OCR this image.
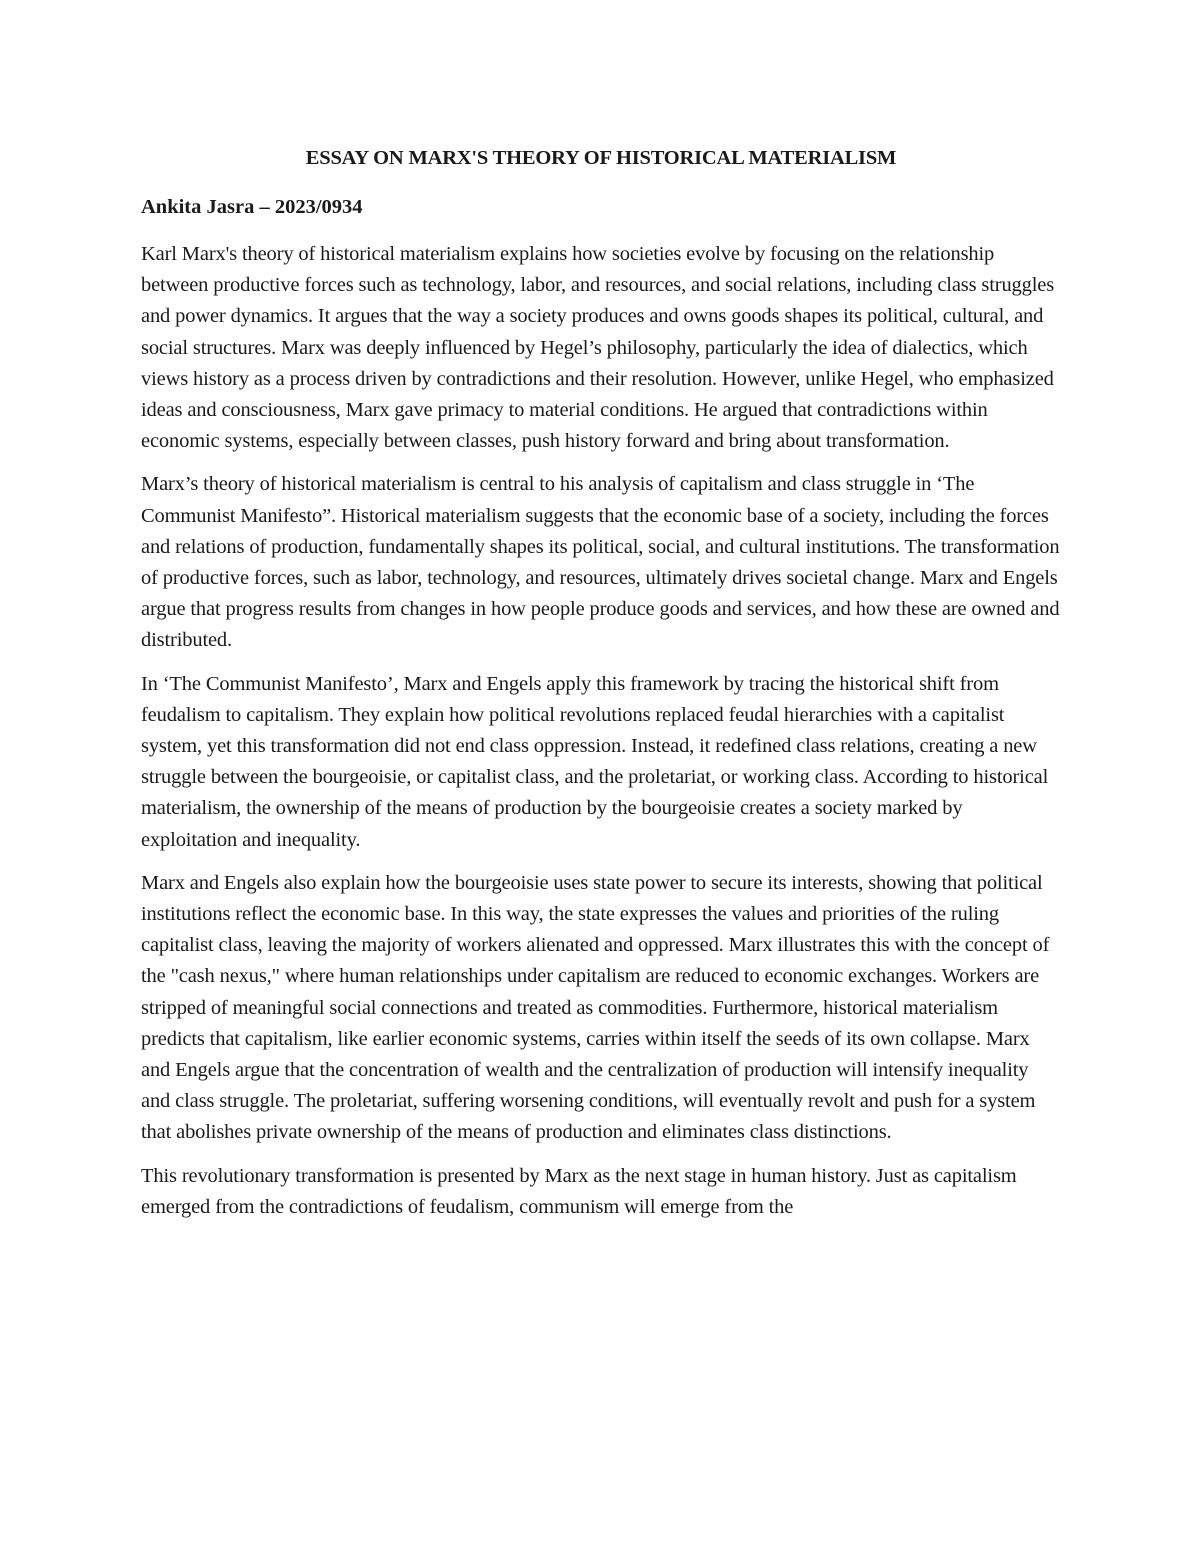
ESSAY ON MARX'S THEORY OF HISTORICAL MATERIALISM

Ankita Jasra – 2023/0934

Karl Marx's theory of historical materialism explains how societies evolve by focusing on the relationship between productive forces such as technology, labor, and resources, and social relations, including class struggles and power dynamics. It argues that the way a society produces and owns goods shapes its political, cultural, and social structures. Marx was deeply influenced by Hegel’s philosophy, particularly the idea of dialectics, which views history as a process driven by contradictions and their resolution. However, unlike Hegel, who emphasized ideas and consciousness, Marx gave primacy to material conditions. He argued that contradictions within economic systems, especially between classes, push history forward and bring about transformation.

Marx’s theory of historical materialism is central to his analysis of capitalism and class struggle in ‘The Communist Manifesto”. Historical materialism suggests that the economic base of a society, including the forces and relations of production, fundamentally shapes its political, social, and cultural institutions. The transformation of productive forces, such as labor, technology, and resources, ultimately drives societal change. Marx and Engels argue that progress results from changes in how people produce goods and services, and how these are owned and distributed.

In ‘The Communist Manifesto’, Marx and Engels apply this framework by tracing the historical shift from feudalism to capitalism. They explain how political revolutions replaced feudal hierarchies with a capitalist system, yet this transformation did not end class oppression. Instead, it redefined class relations, creating a new struggle between the bourgeoisie, or capitalist class, and the proletariat, or working class. According to historical materialism, the ownership of the means of production by the bourgeoisie creates a society marked by exploitation and inequality.

Marx and Engels also explain how the bourgeoisie uses state power to secure its interests, showing that political institutions reflect the economic base. In this way, the state expresses the values and priorities of the ruling capitalist class, leaving the majority of workers alienated and oppressed. Marx illustrates this with the concept of the "cash nexus," where human relationships under capitalism are reduced to economic exchanges. Workers are stripped of meaningful social connections and treated as commodities. Furthermore, historical materialism predicts that capitalism, like earlier economic systems, carries within itself the seeds of its own collapse. Marx and Engels argue that the concentration of wealth and the centralization of production will intensify inequality and class struggle. The proletariat, suffering worsening conditions, will eventually revolt and push for a system that abolishes private ownership of the means of production and eliminates class distinctions.

This revolutionary transformation is presented by Marx as the next stage in human history. Just as capitalism emerged from the contradictions of feudalism, communism will emerge from the
